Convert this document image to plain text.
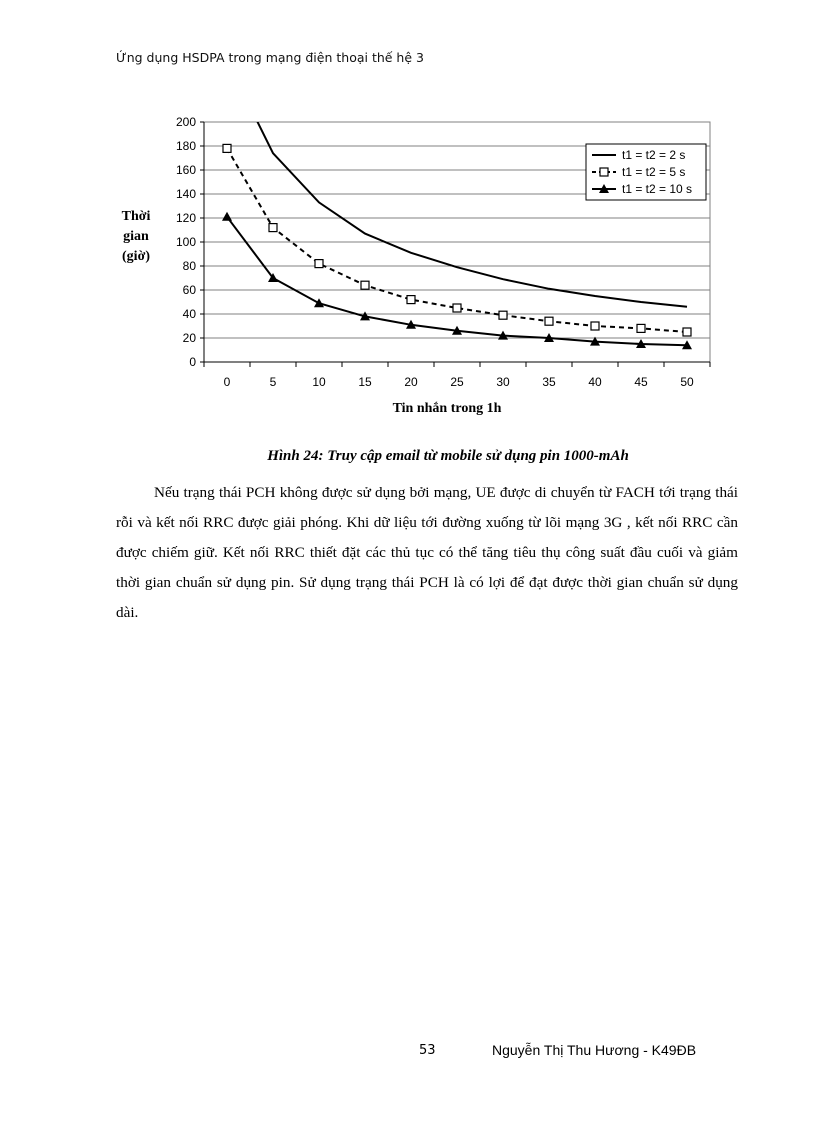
Ứng dụng HSDPA trong mạng điện thoại thế hệ 3
0
20
40
60
80
100
120
140
160
180
200
0	5	10	15	20	25	30	35	40	45	50
Tin nhắn trong 1h
Thời
gian
(giờ)
t1 = t2 = 2 s
t1 = t2 = 5 s
t1 = t2 = 10 s
Hình 24: Truy cập email từ mobile sử dụng pin 1000-mAh

Nếu trạng thái PCH không được sử dụng bởi mạng, UE được di chuyển từ FACH tới trạng thái rỗi và kết nối RRC được giải phóng. Khi dữ liệu tới đường xuống từ lõi mạng 3G , kết nối RRC cần được chiếm giữ. Kết nối RRC thiết đặt các thủ tục có thể tăng tiêu thụ công suất đầu cuối và giảm thời gian chuẩn sử dụng pin. Sử dụng trạng thái PCH là có lợi để đạt được thời gian chuẩn sử dụng dài.

53	Nguyễn Thị Thu Hương - K49ĐB
